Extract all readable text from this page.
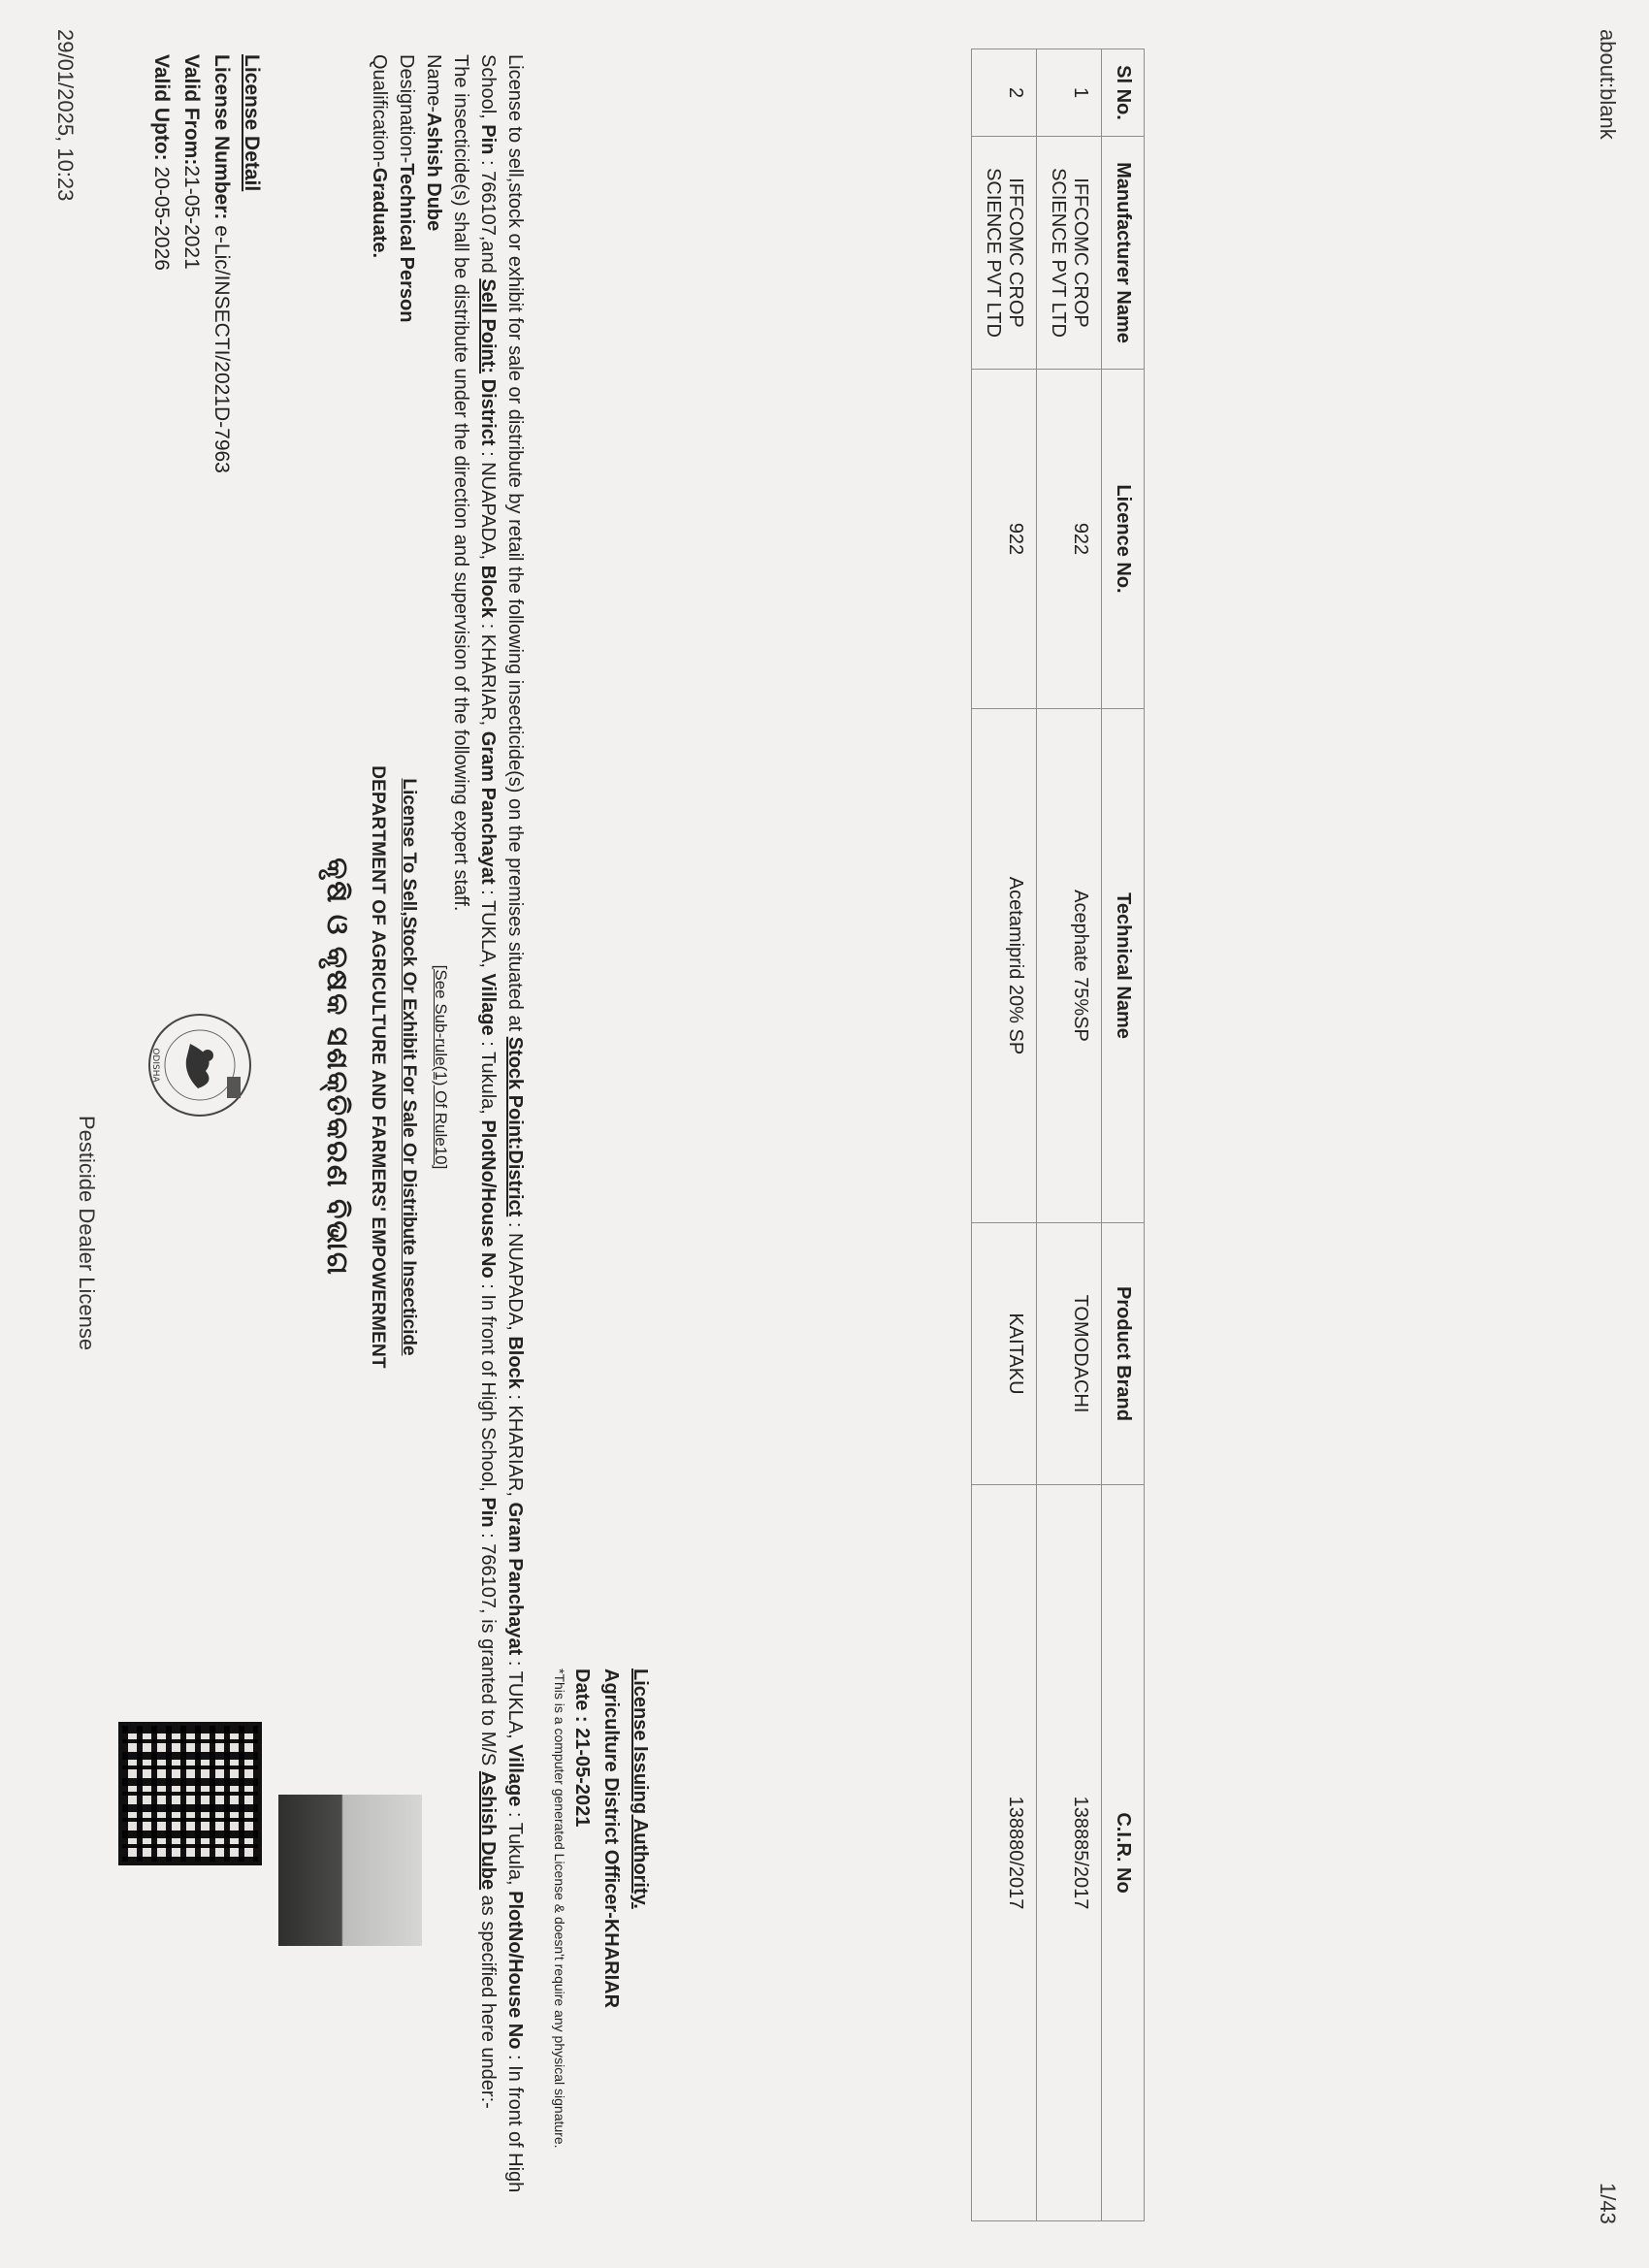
29/01/2025, 10:23
Pesticide Dealer License
about:blank
1/43
ODISHA	କୃଷି ଓ କୃଷକ ସଶକ୍ତିକରଣ ବିଭାଗ DEPARTMENT OF AGRICULTURE AND FARMERS' EMPOWERMENT License To Sell,Stock Or Exhibit For Sale Or Distribute Insecticide [See Sub-rule(1) Of Rule10]
License Detail
License Number: e-Lic/INSECTI/2021D-7963
Valid From:21-05-2021
Valid Upto: 20-05-2026	License to sell,stock or exhibit for sale or distribute by retail the following insecticide(s) on the premises situated at Stock Point:District : NUAPADA, Block : KHARIAR, Gram Panchayat : TUKLA, Village : Tukula, PlotNo/House No : In front of High School, Pin : 766107,and Sell Point: District : NUAPADA, Block : KHARIAR, Gram Panchayat : TUKLA, Village : Tukula, PlotNo/House No : In front of High School, Pin : 766107, is granted to M/S Ashish Dube as specified here under:-
The insecticide(s) shall be distribute under the direction and supervision of the following expert staff.
Name-Ashish Dube
Designation-Technical Person
Qualification-Graduate.
License Issuing Authority.
Agriculture District Officer-KHARIAR
Date : 21-05-2021
*This is a computer generated License & doesn't require any physical signature.
Sl No.	Manufacturer Name	Licence No.	Technical Name	Product Brand	C.I.R. No
1	IFFCOMC CROP SCIENCE PVT LTD	922	Acephate 75%SP	TOMODACHI	138885/2017
2	IFFCOMC CROP SCIENCE PVT LTD	922	Acetamiprid 20% SP	KAITAKU	138880/2017
